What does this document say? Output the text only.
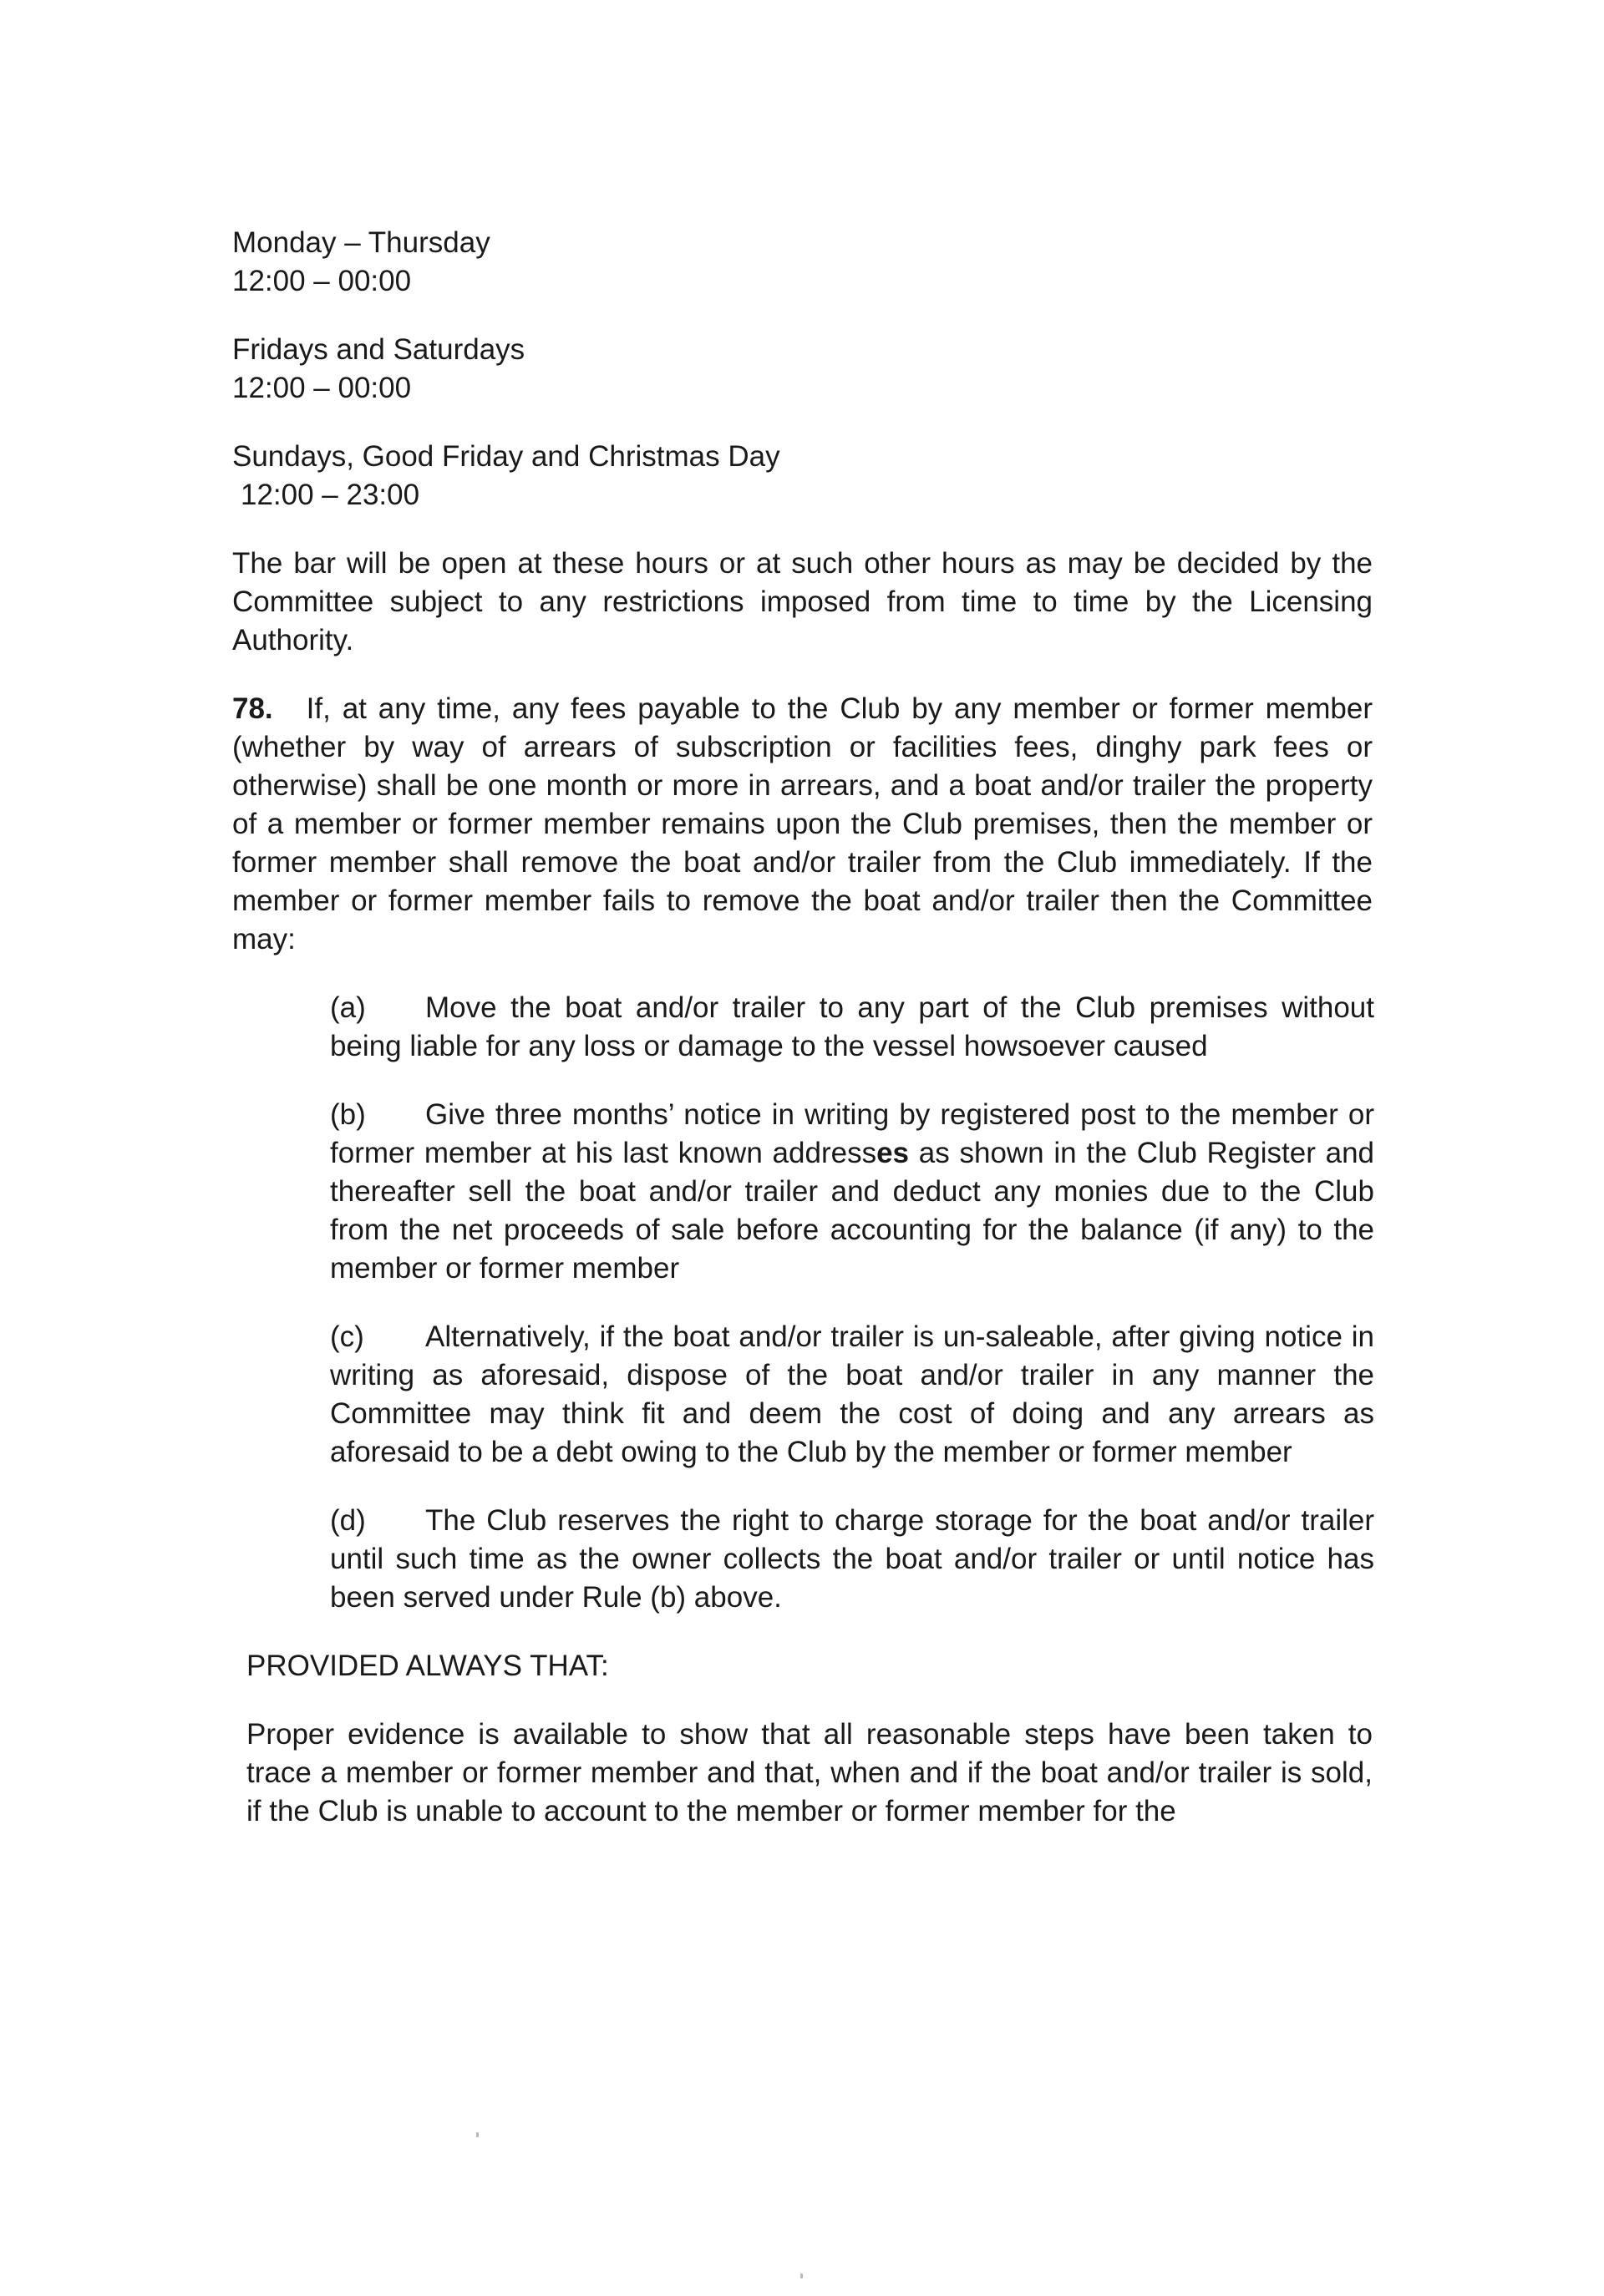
Monday – Thursday

12:00 – 00:00

Fridays and Saturdays

12:00 – 00:00

Sundays, Good Friday and Christmas Day

12:00 – 23:00

The bar will be open at these hours or at such other hours as may be decided by the Committee subject to any restrictions imposed from time to time by the Licensing Authority.

78. If, at any time, any fees payable to the Club by any member or former member (whether by way of arrears of subscription or facilities fees, dinghy park fees or otherwise) shall be one month or more in arrears, and a boat and/or trailer the property of a member or former member remains upon the Club premises, then the member or former member shall remove the boat and/or trailer from the Club immediately. If the member or former member fails to remove the boat and/or trailer then the Committee may:

(a) Move the boat and/or trailer to any part of the Club premises without being liable for any loss or damage to the vessel howsoever caused

(b) Give three months’ notice in writing by registered post to the member or former member at his last known addresses as shown in the Club Register and thereafter sell the boat and/or trailer and deduct any monies due to the Club from the net proceeds of sale before accounting for the balance (if any) to the member or former member

(c) Alternatively, if the boat and/or trailer is un-saleable, after giving notice in writing as aforesaid, dispose of the boat and/or trailer in any manner the Committee may think fit and deem the cost of doing and any arrears as aforesaid to be a debt owing to the Club by the member or former member

(d) The Club reserves the right to charge storage for the boat and/or trailer until such time as the owner collects the boat and/or trailer or until notice has been served under Rule (b) above.

PROVIDED ALWAYS THAT:

Proper evidence is available to show that all reasonable steps have been taken to trace a member or former member and that, when and if the boat and/or trailer is sold, if the Club is unable to account to the member or former member for the
